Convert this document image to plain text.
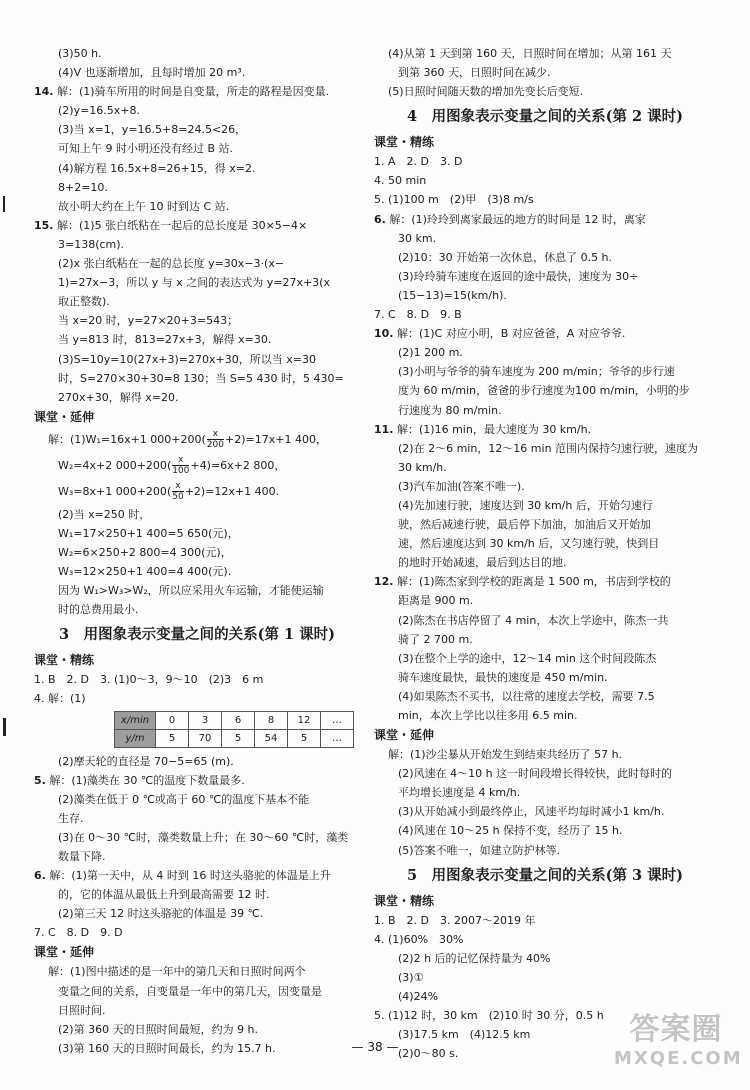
(3)50 h.
(4)V 也逐渐增加，且每时增加 20 m³.
14. 解：(1)骑车所用的时间是自变量，所走的路程是因变量.
(2)y=16.5x+8.
(3)当 x=1，y=16.5+8=24.5<26，
可知上午 9 时小明还没有经过 B 站.
(4)解方程 16.5x+8=26+15，得 x=2.
8+2=10.
故小明大约在上午 10 时到达 C 站.
15. 解：(1)5 张白纸粘在一起后的总长度是 30×5−4×
3=138(cm).
(2)x 张白纸粘在一起的总长度 y=30x−3·(x−
1)=27x−3，所以 y 与 x 之间的表达式为 y=27x+3(x
取正整数).
当 x=20 时，y=27×20+3=543；
当 y=813 时，813=27x+3，解得 x=30.
(3)S=10y=10(27x+3)=270x+30，所以当 x=30
时，S=270×30+30=8 130；当 S=5 430 时，5 430=
270x+30，解得 x=20.
课堂・延伸
解：(1)W₁=16x+1 $000+200( \frac{x}{200} +2)=17x+1$ 400，
W₂=4x+2 $000+200( \frac{x}{100} +4)=6x+2$ 800，
W₃=8x+1 $000+200( \frac{x}{50} +2)=12x+1$ 400.
(2)当 x=250 时，
W₁=17×250+1 400=5 650(元)，
W₂=6×250+2 800=4 300(元)，
W₃=12×250+1 400=4 400(元).
因为 W₁>W₃>W₂，所以应采用火车运输，才能使运输
时的总费用最小.
3　用图象表示变量之间的关系(第 1 课时)
课堂・精练
1. B　2. D　3. (1)0～3，9～10　(2)3　6 m
4. 解：(1)
x/min	0	3	6	8	12	…
y/m	5	70	5	54	5	…
(2)摩天轮的直径是 70−5=65 (m).
5. 解：(1)藻类在 30 ℃的温度下数量最多.
(2)藻类在低于 0 ℃或高于 60 ℃的温度下基本不能
生存.
(3)在 0～30 ℃时，藻类数量上升；在 30～60 ℃时，藻类
数量下降.
6. 解：(1)第一天中，从 4 时到 16 时这头骆驼的体温是上升
的，它的体温从最低上升到最高需要 12 时.
(2)第三天 12 时这头骆驼的体温是 39 ℃.
7. C　8. D　9. D
课堂・延伸
解：(1)图中描述的是一年中的第几天和日照时间两个
变量之间的关系，自变量是一年中的第几天，因变量是
日照时间.
(2)第 360 天的日照时间最短，约为 9 h.
(3)第 160 天的日照时间最长，约为 15.7 h.
(4)从第 1 天到第 160 天，日照时间在增加；从第 161 天
到第 360 天，日照时间在减少.
(5)日照时间随天数的增加先变长后变短.
4　用图象表示变量之间的关系(第 2 课时)
课堂・精练
1. A　2. D　3. D
4. 50 min
5. (1)100 m　(2)甲　(3)8 m/s
6. 解：(1)玲玲到离家最远的地方的时间是 12 时，离家
30 km.
(2)10：30 开始第一次休息，休息了 0.5 h.
(3)玲玲骑车速度在返回的途中最快，速度为 30÷
(15−13)=15(km/h).
7. C　8. D　9. B
10. 解：(1)C 对应小明，B 对应爸爸，A 对应爷爷.
(2)1 200 m.
(3)小明与爷爷的骑车速度为 200 m/min；爷爷的步行速
度为 60 m/min，爸爸的步行速度为100 m/min，小明的步
行速度为 80 m/min.
11. 解：(1)16 min，最大速度为 30 km/h.
(2)在 2～6 min，12～16 min 范围内保持匀速行驶，速度为
30 km/h.
(3)汽车加油(答案不唯一).
(4)先加速行驶，速度达到 30 km/h 后，开始匀速行
驶，然后减速行驶，最后停下加油，加油后又开始加
速，然后速度达到 30 km/h 后，又匀速行驶，快到目
的地时开始减速，最后到达目的地.
12. 解：(1)陈杰家到学校的距离是 1 500 m，书店到学校的
距离是 900 m.
(2)陈杰在书店停留了 4 min，本次上学途中，陈杰一共
骑了 2 700 m.
(3)在整个上学的途中，12～14 min 这个时间段陈杰
骑车速度最快，最快的速度是 450 m/min.
(4)如果陈杰不买书，以往常的速度去学校，需要 7.5
min，本次上学比以往多用 6.5 min.
课堂・延伸
解：(1)沙尘暴从开始发生到结束共经历了 57 h.
(2)风速在 4～10 h 这一时间段增长得较快，此时每时的
平均增长速度是 4 km/h.
(3)从开始减小到最终停止，风速平均每时减小1 km/h.
(4)风速在 10～25 h 保持不变，经历了 15 h.
(5)答案不唯一，如建立防护林等.
5　用图象表示变量之间的关系(第 3 课时)
课堂・精练
1. B　2. D　3. 2007～2019 年
4. (1)60%　30%
(2)2 h 后的记忆保持量为 40%
(3)①
(4)24%
5. (1)12 时，30 km　(2)10 时 30 分，0.5 h
(3)17.5 km　(4)12.5 km
(2)0～80 s.
— 38 —	答案圈
MXQE.COM
